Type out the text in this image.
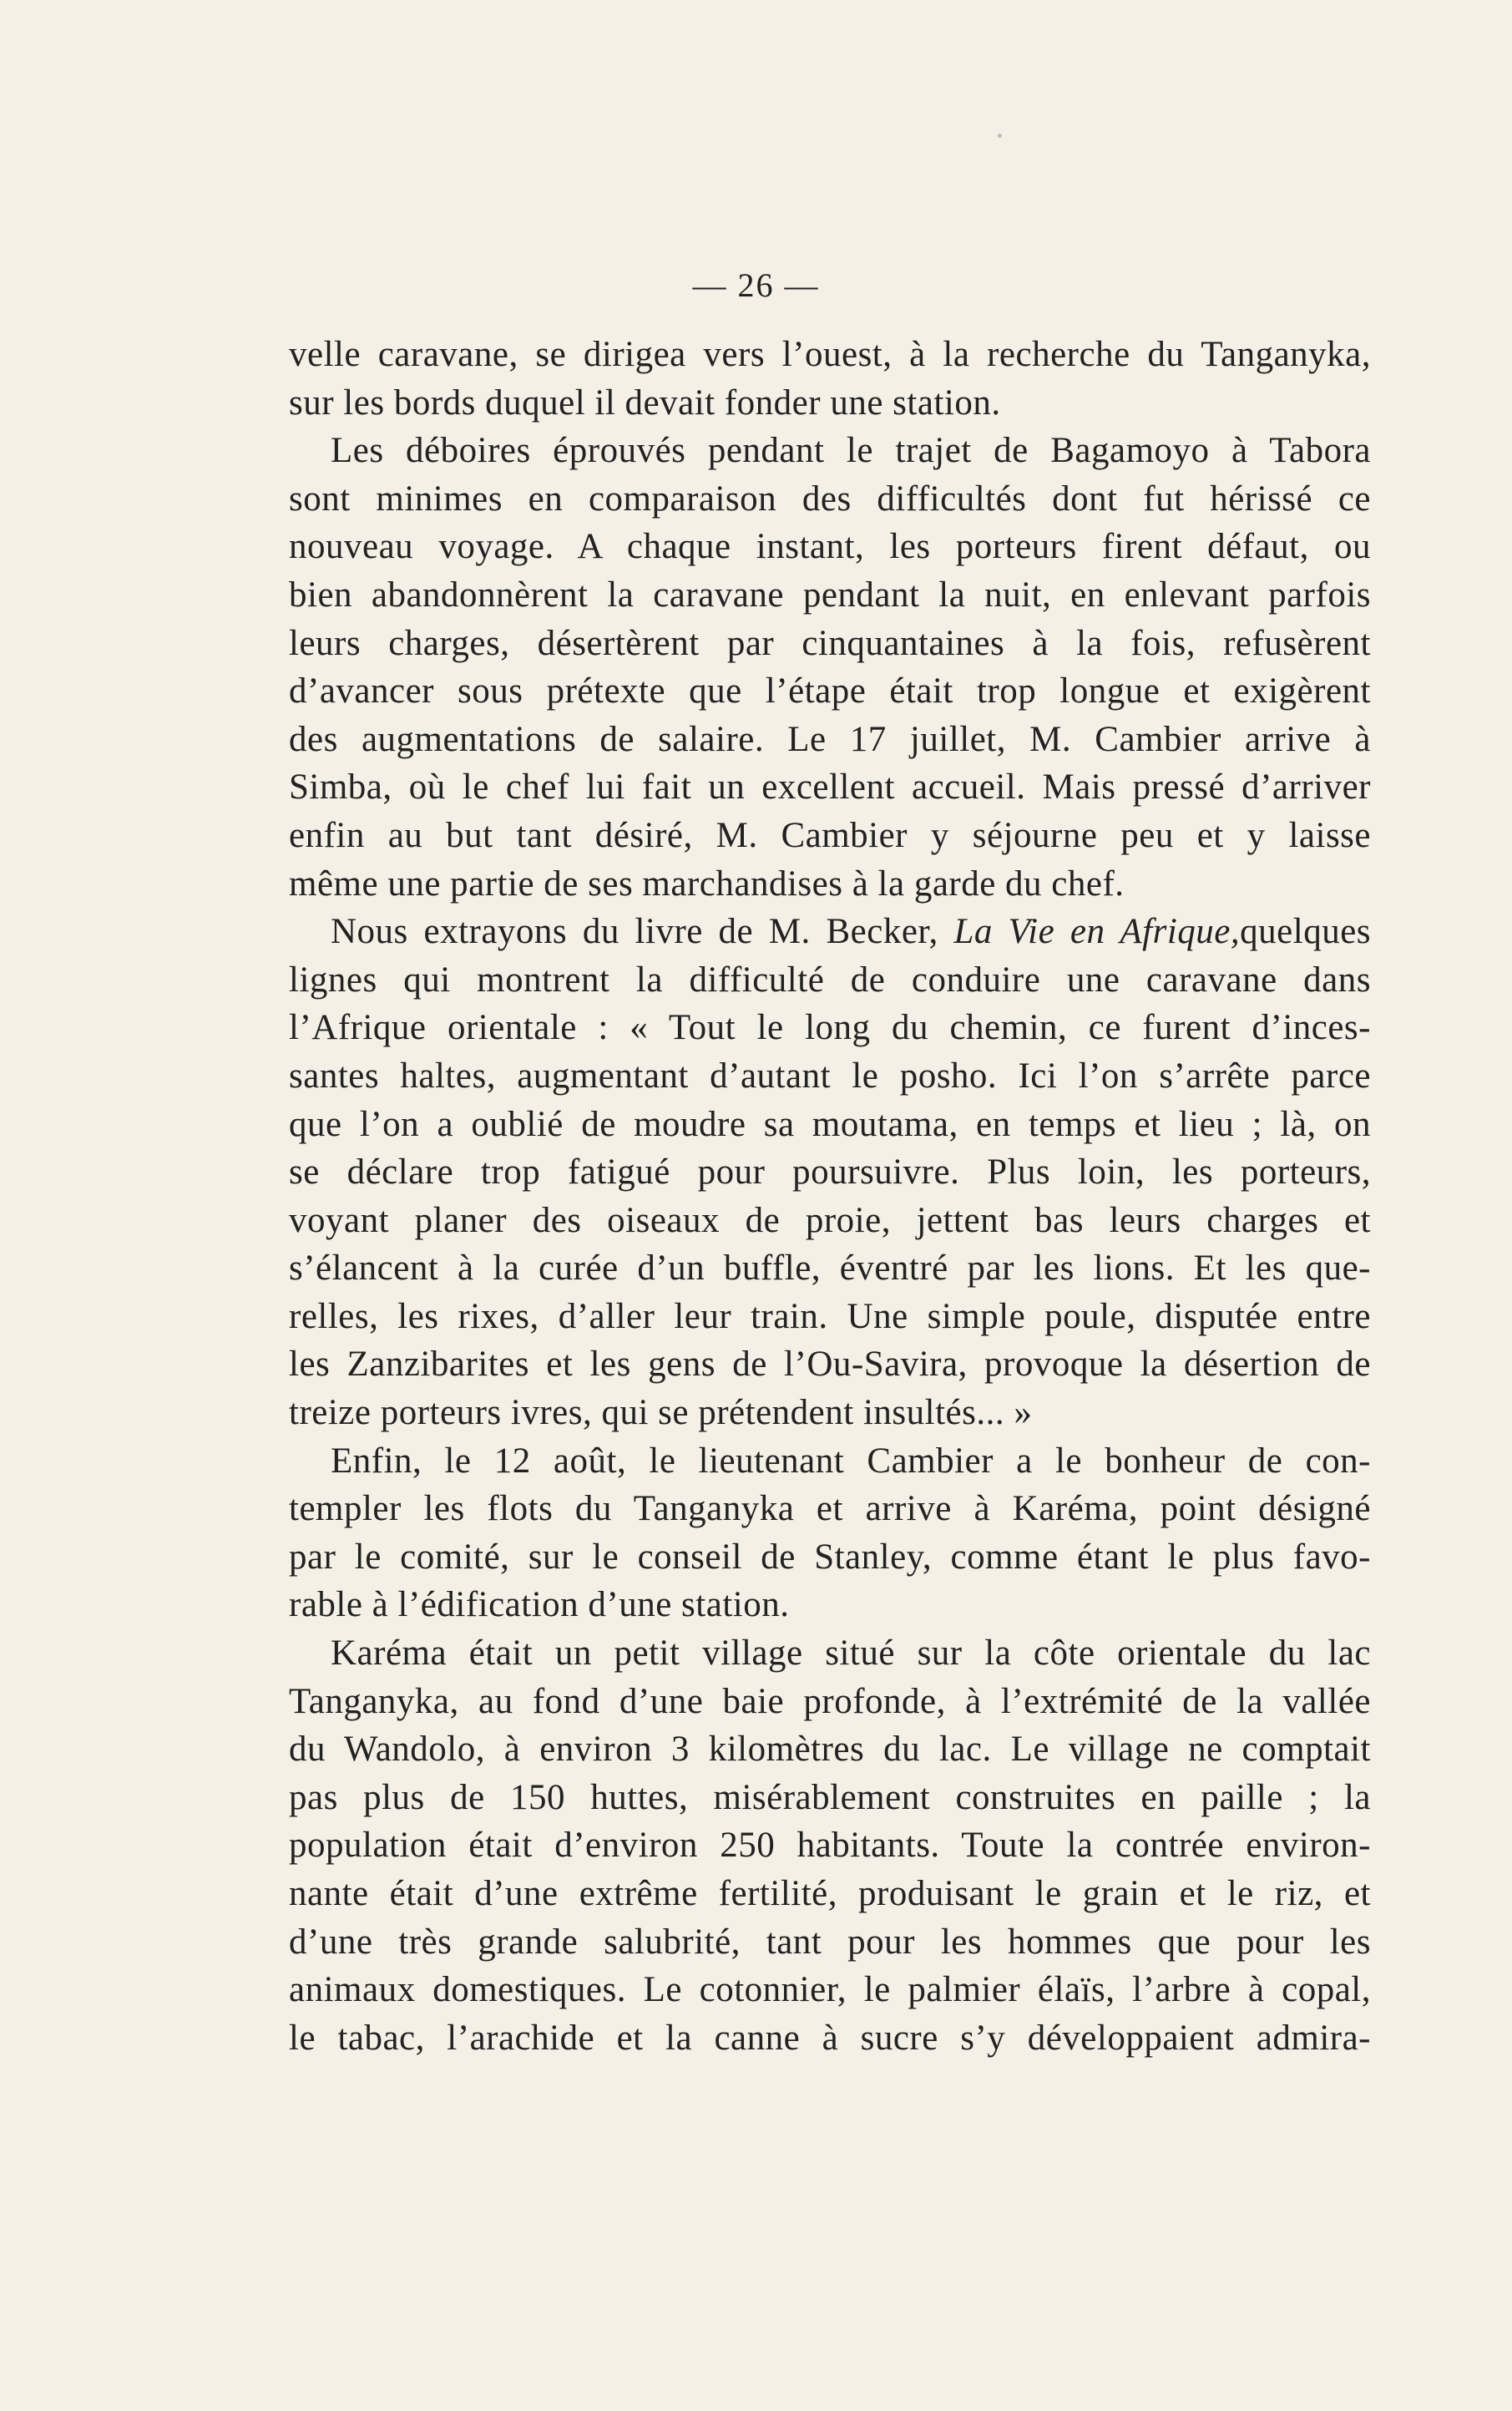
— 26 —
velle caravane, se dirigea vers l’ouest, à la recherche du Tanganyka,
sur les bords duquel il devait fonder une station.
Les déboires éprouvés pendant le trajet de Bagamoyo à Tabora
sont minimes en comparaison des difficultés dont fut hérissé ce
nouveau voyage. A chaque instant, les porteurs firent défaut, ou
bien abandonnèrent la caravane pendant la nuit, en enlevant parfois
leurs charges, désertèrent par cinquantaines à la fois, refusèrent
d’avancer sous prétexte que l’étape était trop longue et exigèrent
des augmentations de salaire. Le 17 juillet, M. Cambier arrive à
Simba, où le chef lui fait un excellent accueil. Mais pressé d’arriver
enfin au but tant désiré, M. Cambier y séjourne peu et y laisse
même une partie de ses marchandises à la garde du chef.
Nous extrayons du livre de M. Becker, La Vie en Afrique,quelques
lignes qui montrent la difficulté de conduire une caravane dans
l’Afrique orientale : « Tout le long du chemin, ce furent d’inces-
santes haltes, augmentant d’autant le posho. Ici l’on s’arrête parce
que l’on a oublié de moudre sa moutama, en temps et lieu ; là, on
se déclare trop fatigué pour poursuivre. Plus loin, les porteurs,
voyant planer des oiseaux de proie, jettent bas leurs charges et
s’élancent à la curée d’un buffle, éventré par les lions. Et les que-
relles, les rixes, d’aller leur train. Une simple poule, disputée entre
les Zanzibarites et les gens de l’Ou-Savira, provoque la désertion de
treize porteurs ivres, qui se prétendent insultés... »
Enfin, le 12 août, le lieutenant Cambier a le bonheur de con-
templer les flots du Tanganyka et arrive à Karéma, point désigné
par le comité, sur le conseil de Stanley, comme étant le plus favo-
rable à l’édification d’une station.
Karéma était un petit village situé sur la côte orientale du lac
Tanganyka, au fond d’une baie profonde, à l’extrémité de la vallée
du Wandolo, à environ 3 kilomètres du lac. Le village ne comptait
pas plus de 150 huttes, misérablement construites en paille ; la
population était d’environ 250 habitants. Toute la contrée environ-
nante était d’une extrême fertilité, produisant le grain et le riz, et
d’une très grande salubrité, tant pour les hommes que pour les
animaux domestiques. Le cotonnier, le palmier élaïs, l’arbre à copal,
le tabac, l’arachide et la canne à sucre s’y développaient admira-
